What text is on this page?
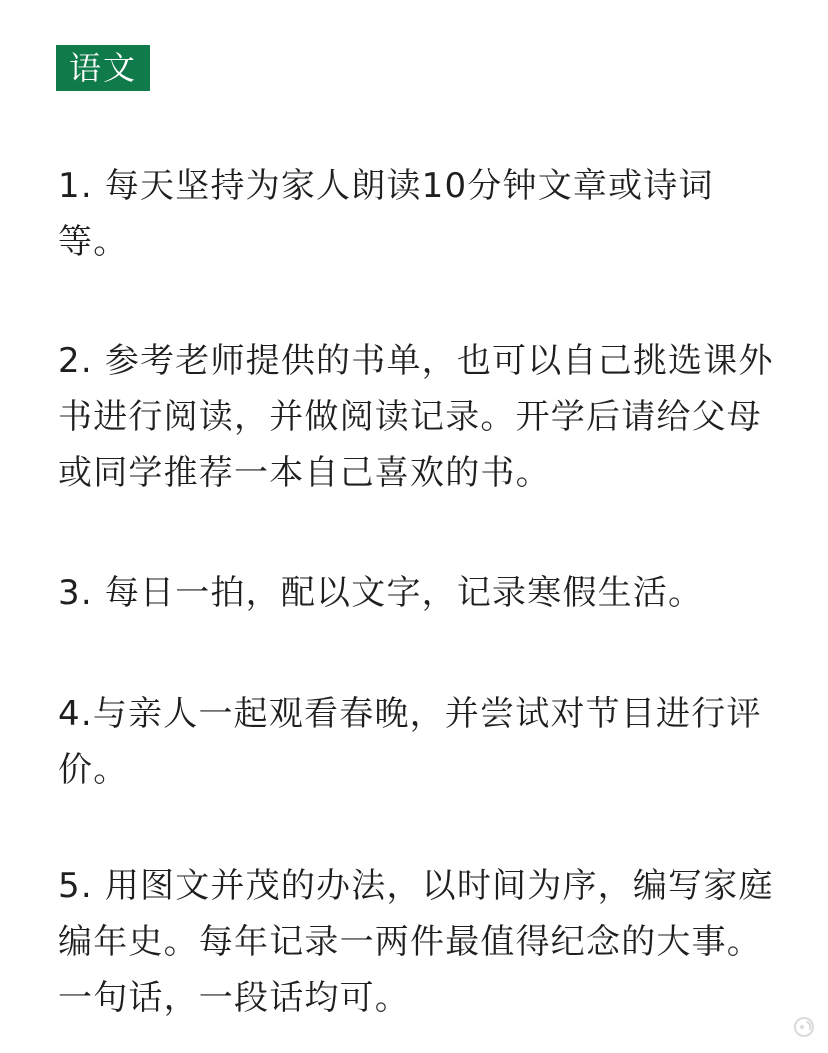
语文
1. 每天坚持为家人朗读10分钟文章或诗词等。
2. 参考老师提供的书单，也可以自己挑选课外书进行阅读，并做阅读记录。开学后请给父母或同学推荐一本自己喜欢的书。
3. 每日一拍，配以文字，记录寒假生活。
4.与亲人一起观看春晚，并尝试对节目进行评价。
5. 用图文并茂的办法，以时间为序，编写家庭编年史。每年记录一两件最值得纪念的大事。一句话，一段话均可。
